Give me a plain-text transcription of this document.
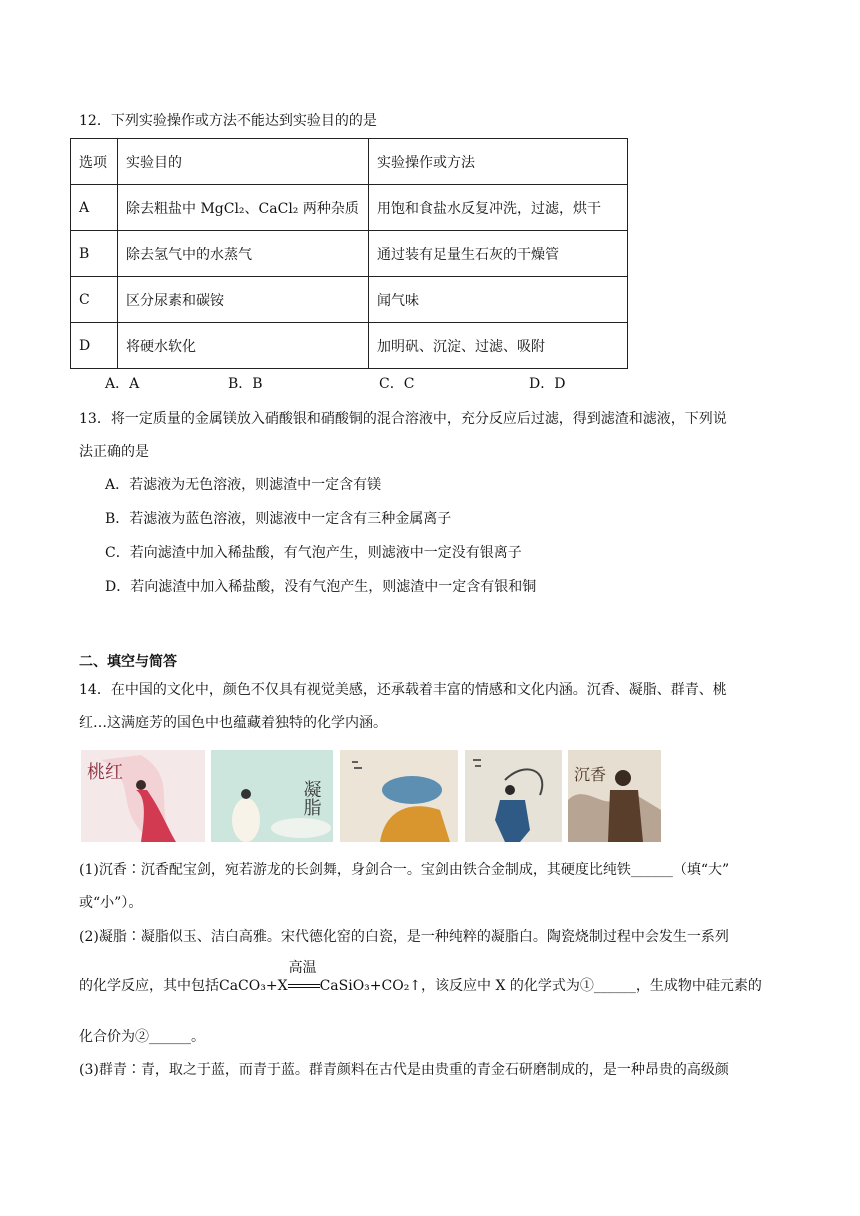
12．下列实验操作或方法不能达到实验目的的是
选项	实验目的	实验操作或方法
A	除去粗盐中 MgCl₂、CaCl₂ 两种杂质	用饱和食盐水反复冲洗，过滤，烘干
B	除去氢气中的水蒸气	通过装有足量生石灰的干燥管
C	区分尿素和碳铵	闻气味
D	将硬水软化	加明矾、沉淀、过滤、吸附
A．A	B．B	C．C	D．D
13．将一定质量的金属镁放入硝酸银和硝酸铜的混合溶液中，充分反应后过滤，得到滤渣和滤液，下列说
法正确的是
A．若滤液为无色溶液，则滤渣中一定含有镁
B．若滤液为蓝色溶液，则滤液中一定含有三种金属离子
C．若向滤渣中加入稀盐酸，有气泡产生，则滤液中一定没有银离子
D．若向滤渣中加入稀盐酸，没有气泡产生，则滤渣中一定含有银和铜
二、填空与简答
14．在中国的文化中，颜色不仅具有视觉美感，还承载着丰富的情感和文化内涵。沉香、凝脂、群青、桃
红…这满庭芳的国色中也蕴藏着独特的化学内涵。
桃红
凝脂
沉香
(1)沉香∶沉香配宝剑，宛若游龙的长剑舞，身剑合一。宝剑由铁合金制成，其硬度比纯铁______（填“大”
或“小”）。
(2)凝脂∶凝脂似玉、洁白高雅。宋代德化窑的白瓷，是一种纯粹的凝脂白。陶瓷烧制过程中会发生一系列
的化学反应，其中包括CaCO₃+X
高温
CaSiO₃+CO₂↑，该反应中 X 的化学式为①______，生成物中硅元素的
化合价为②______。
(3)群青∶青，取之于蓝，而青于蓝。群青颜料在古代是由贵重的青金石研磨制成的，是一种昂贵的高级颜
